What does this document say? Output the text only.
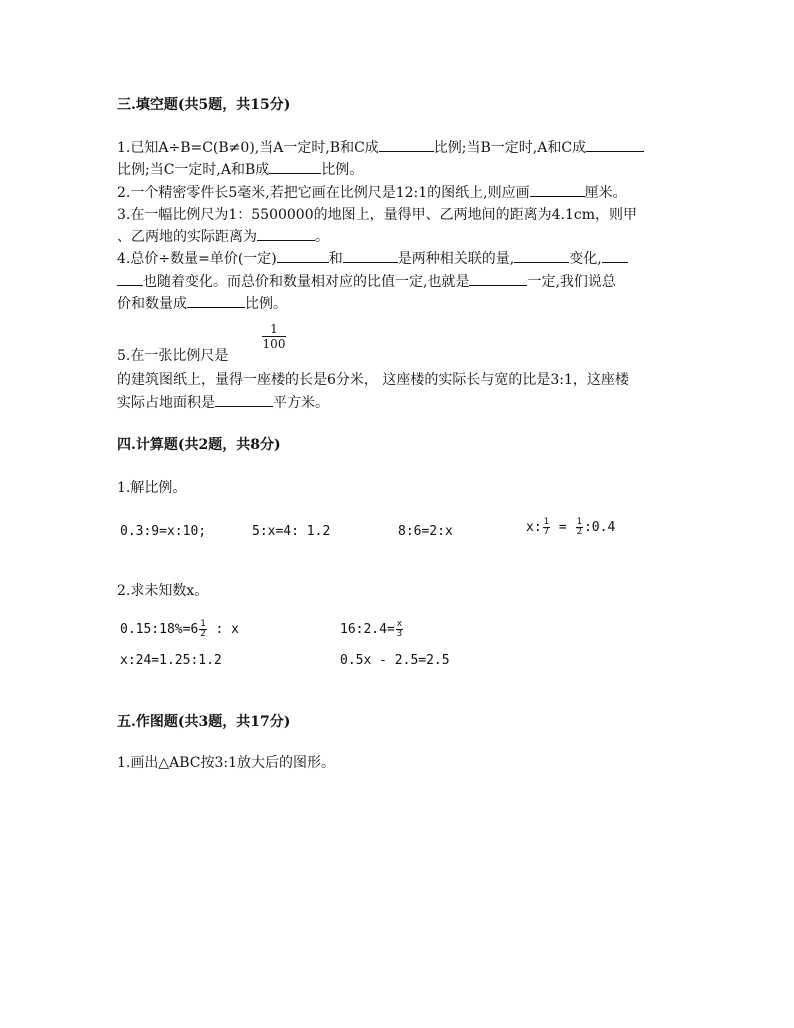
三.填空题(共5题，共15分)
1.已知A÷B=C(B≠0),当A一定时,B和C成	比例;当B一定时,A和C成
比例;当C一定时,A和B成	比例。
2.一个精密零件长5毫米,若把它画在比例尺是12:1的图纸上,则应画	厘米。
3.在一幅比例尺为1：5500000的地图上，量得甲、乙两地间的距离为4.1cm，则甲
、乙两地的实际距离为	。
4.总价÷数量=单价(一定)	和	是两种相关联的量,	变化,
也随着变化。而总价和数量相对应的比值一定,也就是	一定,我们说总
价和数量成	比例。
$\frac{1}{100}$
5.在一张比例尺是
的建筑图纸上，量得一座楼的长是6分米， 这座楼的实际长与宽的比是3:1，这座楼
实际占地面积是	平方米。
四.计算题(共2题，共8分)
1.解比例。
0.3:9=x:10;	5:x=4: 1.2	8:6=2:x	x: $\frac{1}{7} = \frac{1}{2}$ :0.4
2.求未知数x。
0.15:18%=6 $\frac{1}{2}$ : x	16:2.4= $\frac{x}{3}$
x:24=1.25:1.2	0.5x - 2.5=2.5
五.作图题(共3题，共17分)
1.画出△ABC按3:1放大后的图形。
